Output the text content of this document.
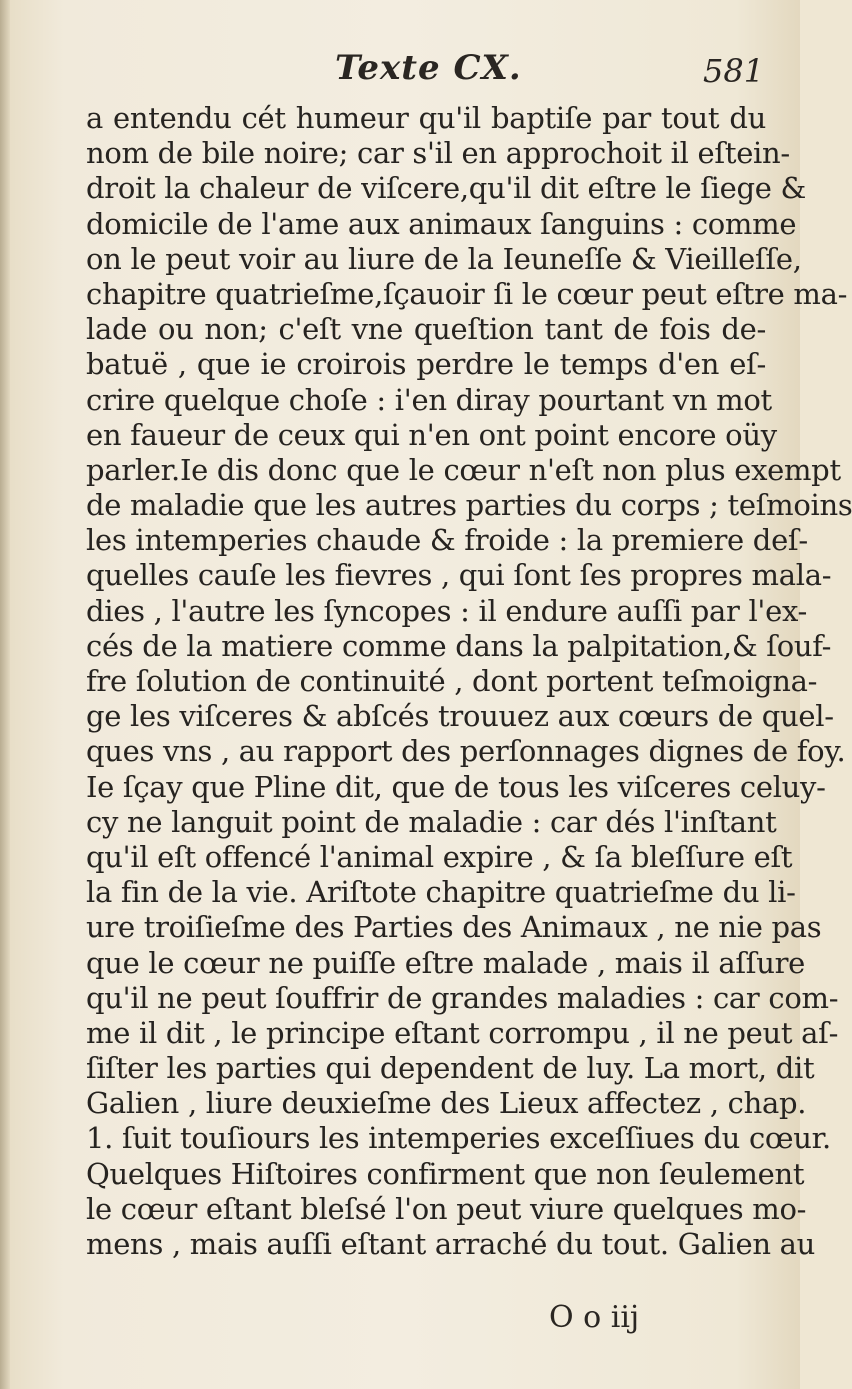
Texte CX.	581
a entendu cét humeur qu'il baptiſe par tout du
nom de bile noire; car s'il en approchoit il eſtein-
droit la chaleur de viſcere,qu'il dit eſtre le ſiege &
domicile de l'ame aux animaux ſanguins : comme
on le peut voir au liure de la Ieuneſſe & Vieilleſſe,
chapitre quatrieſme,ſçauoir ſi le cœur peut eſtre ma-
lade ou non; c'eſt vne queſtion tant de fois de-
batuë , que ie croirois perdre le temps d'en eſ-
crire quelque choſe : i'en diray pourtant vn mot
en faueur de ceux qui n'en ont point encore oüy
parler.Ie dis donc que le cœur n'eſt non plus exempt
de maladie que les autres parties du corps ; teſmoins
les intemperies chaude & froide : la premiere deſ-
quelles cauſe les fievres , qui ſont ſes propres mala-
dies , l'autre les ſyncopes : il endure auſſi par l'ex-
cés de la matiere comme dans la palpitation,& ſouf-
fre ſolution de continuité , dont portent teſmoigna-
ge les viſceres & abſcés trouuez aux cœurs de quel-
ques vns , au rapport des perſonnages dignes de foy.
Ie ſçay que Pline dit, que de tous les viſceres celuy-
cy ne languit point de maladie : car dés l'inſtant
qu'il eſt offencé l'animal expire , & ſa bleſſure eſt
la fin de la vie. Ariſtote chapitre quatrieſme du li-
ure troiſieſme des Parties des Animaux , ne nie pas
que le cœur ne puiſſe eſtre malade , mais il aſſure
qu'il ne peut ſouffrir de grandes maladies : car com-
me il dit , le principe eſtant corrompu , il ne peut aſ-
ſiſter les parties qui dependent de luy. La mort, dit
Galien , liure deuxieſme des Lieux affectez , chap.
1. ſuit touſiours les intemperies exceſſiues du cœur.
Quelques Hiſtoires confirment que non ſeulement
le cœur eſtant bleſsé l'on peut viure quelques mo-
mens , mais auſſi eſtant arraché du tout. Galien au
O o iij
